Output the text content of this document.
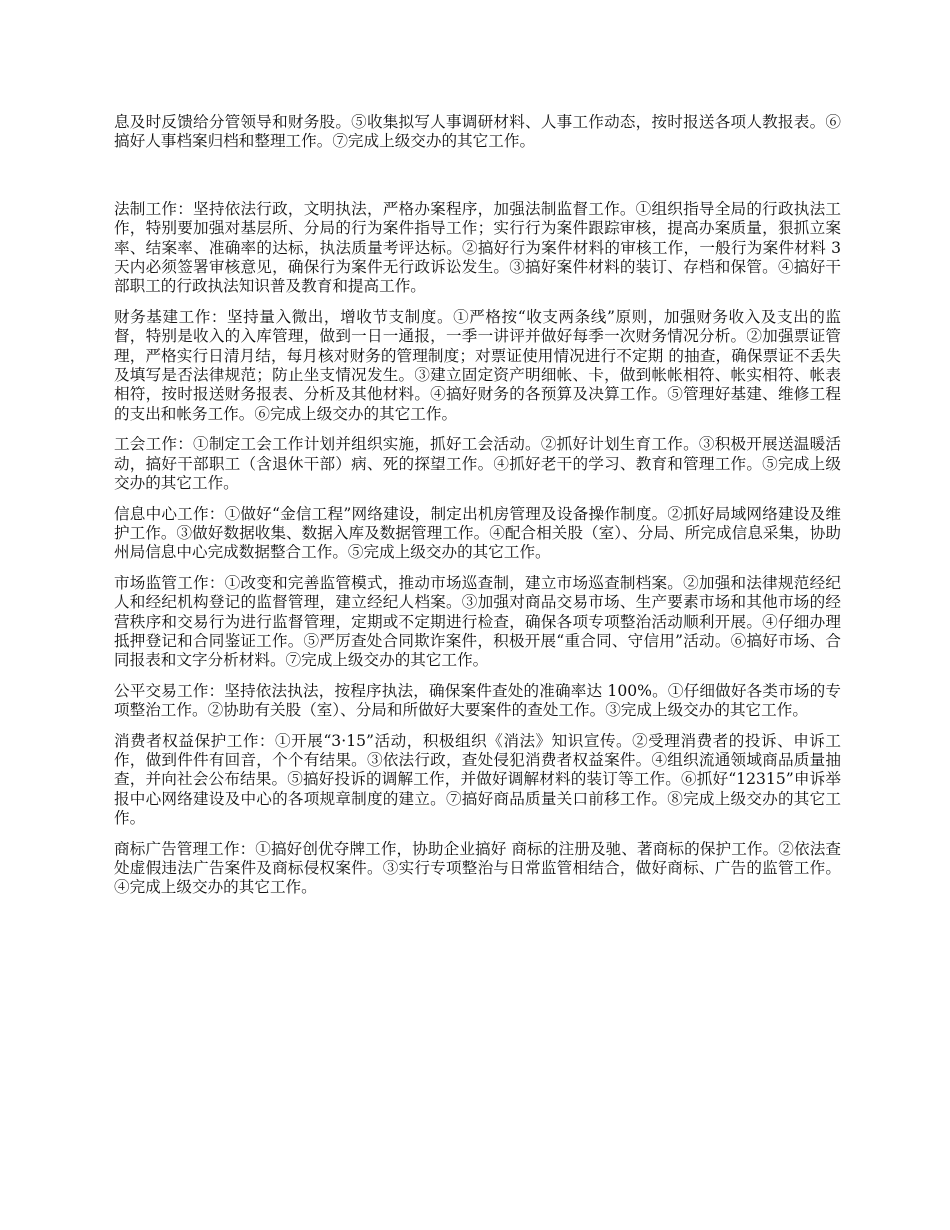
息及时反馈给分管领导和财务股。⑤收集拟写人事调研材料、人事工作动态，按时报送各项人教报表。⑥搞好人事档案归档和整理工作。⑦完成上级交办的其它工作。

法制工作：坚持依法行政，文明执法，严格办案程序，加强法制监督工作。①组织指导全局的行政执法工作，特别要加强对基层所、分局的行为案件指导工作；实行行为案件跟踪审核，提高办案质量，狠抓立案率、结案率、准确率的达标，执法质量考评达标。②搞好行为案件材料的审核工作，一般行为案件材料 3 天内必须签署审核意见，确保行为案件无行政诉讼发生。③搞好案件材料的装订、存档和保管。④搞好干部职工的行政执法知识普及教育和提高工作。

财务基建工作：坚持量入微出，增收节支制度。①严格按“收支两条线”原则，加强财务收入及支出的监督，特别是收入的入库管理，做到一日一通报，一季一讲评并做好每季一次财务情况分析。②加强票证管理，严格实行日清月结，每月核对财务的管理制度；对票证使用情况进行不定期 的抽查，确保票证不丢失及填写是否法律规范；防止坐支情况发生。③建立固定资产明细帐、卡，做到帐帐相符、帐实相符、帐表相符，按时报送财务报表、分析及其他材料。④搞好财务的各预算及决算工作。⑤管理好基建、维修工程的支出和帐务工作。⑥完成上级交办的其它工作。

工会工作：①制定工会工作计划并组织实施，抓好工会活动。②抓好计划生育工作。③积极开展送温暖活动，搞好干部职工（含退休干部）病、死的探望工作。④抓好老干的学习、教育和管理工作。⑤完成上级交办的其它工作。

信息中心工作：①做好“金信工程”网络建设，制定出机房管理及设备操作制度。②抓好局域网络建设及维护工作。③做好数据收集、数据入库及数据管理工作。④配合相关股（室）、分局、所完成信息采集，协助州局信息中心完成数据整合工作。⑤完成上级交办的其它工作。

市场监管工作：①改变和完善监管模式，推动市场巡查制，建立市场巡查制档案。②加强和法律规范经纪人和经纪机构登记的监督管理，建立经纪人档案。③加强对商品交易市场、生产要素市场和其他市场的经营秩序和交易行为进行监督管理，定期或不定期进行检查，确保各项专项整治活动顺利开展。④仔细办理抵押登记和合同鉴证工作。⑤严厉查处合同欺诈案件，积极开展“重合同、守信用”活动。⑥搞好市场、合同报表和文字分析材料。⑦完成上级交办的其它工作。

公平交易工作：坚持依法执法，按程序执法，确保案件查处的准确率达 100%。①仔细做好各类市场的专项整治工作。②协助有关股（室）、分局和所做好大要案件的查处工作。③完成上级交办的其它工作。

消费者权益保护工作：①开展“3·15”活动，积极组织《消法》知识宣传。②受理消费者的投诉、申诉工作，做到件件有回音，个个有结果。③依法行政，查处侵犯消费者权益案件。④组织流通领域商品质量抽查，并向社会公布结果。⑤搞好投诉的调解工作，并做好调解材料的装订等工作。⑥抓好“12315”申诉举报中心网络建设及中心的各项规章制度的建立。⑦搞好商品质量关口前移工作。⑧完成上级交办的其它工作。

商标广告管理工作：①搞好创优夺牌工作，协助企业搞好 商标的注册及驰、著商标的保护工作。②依法查处虚假违法广告案件及商标侵权案件。③实行专项整治与日常监管相结合，做好商标、广告的监管工作。④完成上级交办的其它工作。
